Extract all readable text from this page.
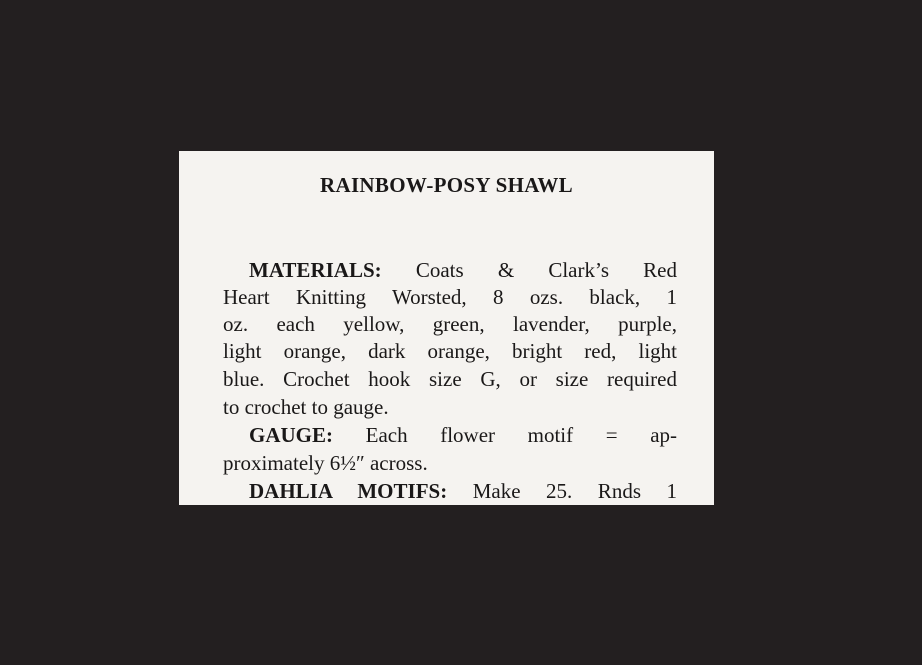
RAINBOW-POSY SHAWL
MATERIALS: Coats & Clark’s Red
Heart Knitting Worsted, 8 ozs. black, 1
oz. each yellow, green, lavender, purple,
light orange, dark orange, bright red, light
blue. Crochet hook size G, or size required
to crochet to gauge.
GAUGE: Each flower motif = ap-
proximately 6½″ across.
DAHLIA MOTIFS: Make 25. Rnds 1
